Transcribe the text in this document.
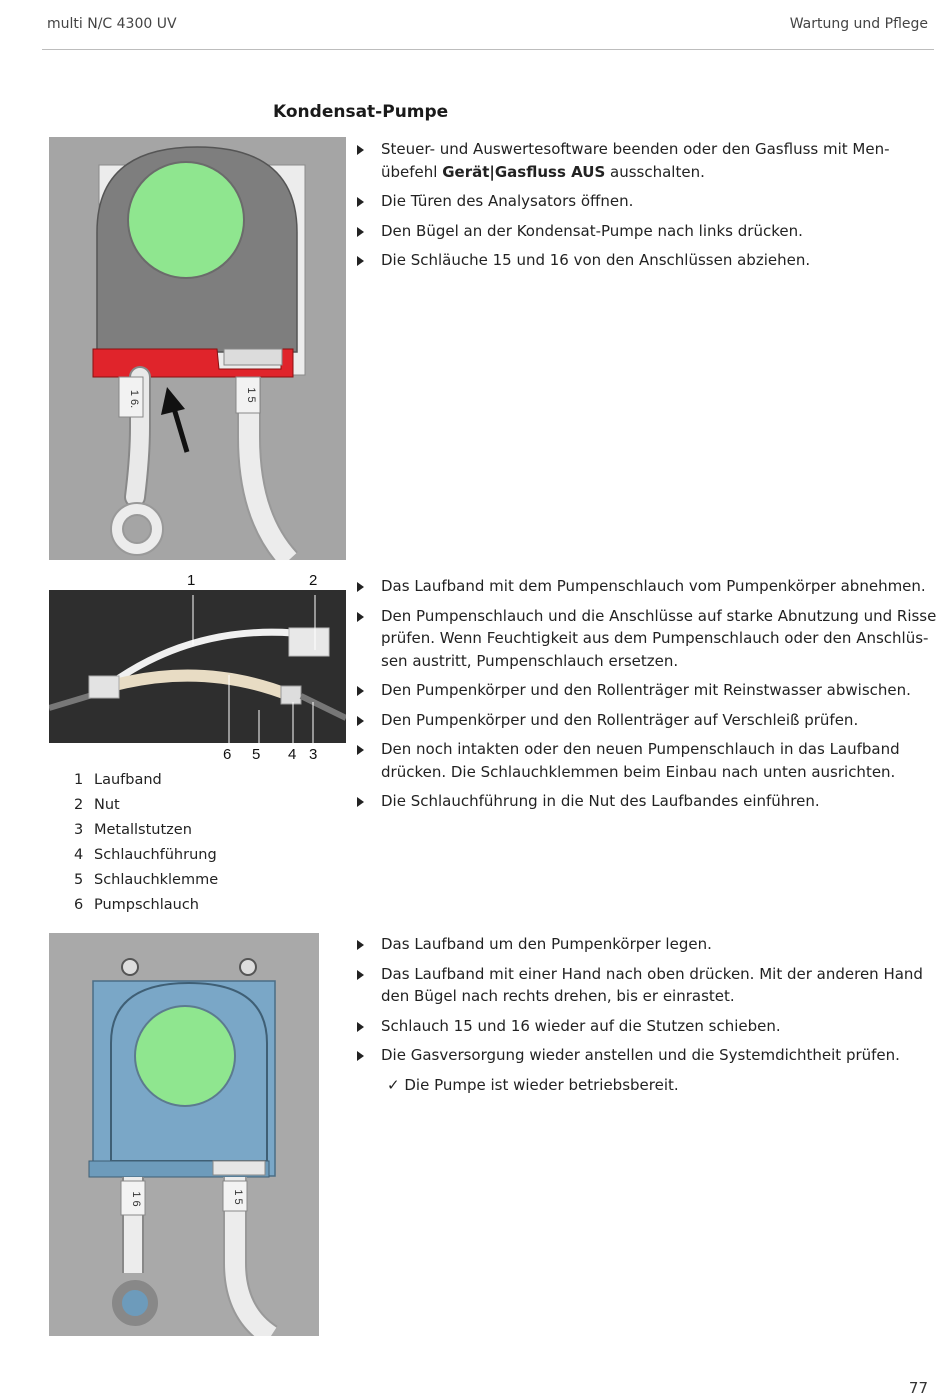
multi N/C 4300 UV	Wartung und Pflege
Kondensat-Pumpe
1 6.	1 5
Steuer- und Auswertesoftware beenden oder den Gasfluss mit Menübefehl Gerät|Gasfluss AUS ausschalten.
Die Türen des Analysators öffnen.
Den Bügel an der Kondensat-Pumpe nach links drücken.
Die Schläuche 15 und 16 von den Anschlüssen abziehen.
1	2
6 5 4 3
1 Laufband
2 Nut
3 Metallstutzen
4 Schlauchführung
5 Schlauchklemme
6 Pumpschlauch
Das Laufband mit dem Pumpenschlauch vom Pumpenkörper abnehmen.
Den Pumpenschlauch und die Anschlüsse auf starke Abnutzung und Risse prüfen. Wenn Feuchtigkeit aus dem Pumpenschlauch oder den Anschlüssen austritt, Pumpenschlauch ersetzen.
Den Pumpenkörper und den Rollenträger mit Reinstwasser abwischen.
Den Pumpenkörper und den Rollenträger auf Verschleiß prüfen.
Den noch intakten oder den neuen Pumpenschlauch in das Laufband drücken. Die Schlauchklemmen beim Einbau nach unten ausrichten.
Die Schlauchführung in die Nut des Laufbandes einführen.
1 6	1 5
Das Laufband um den Pumpenkörper legen.
Das Laufband mit einer Hand nach oben drücken. Mit der anderen Hand den Bügel nach rechts drehen, bis er einrastet.
Schlauch 15 und 16 wieder auf die Stutzen schieben.
Die Gasversorgung wieder anstellen und die Systemdichtheit prüfen.
✓ Die Pumpe ist wieder betriebsbereit.
77
